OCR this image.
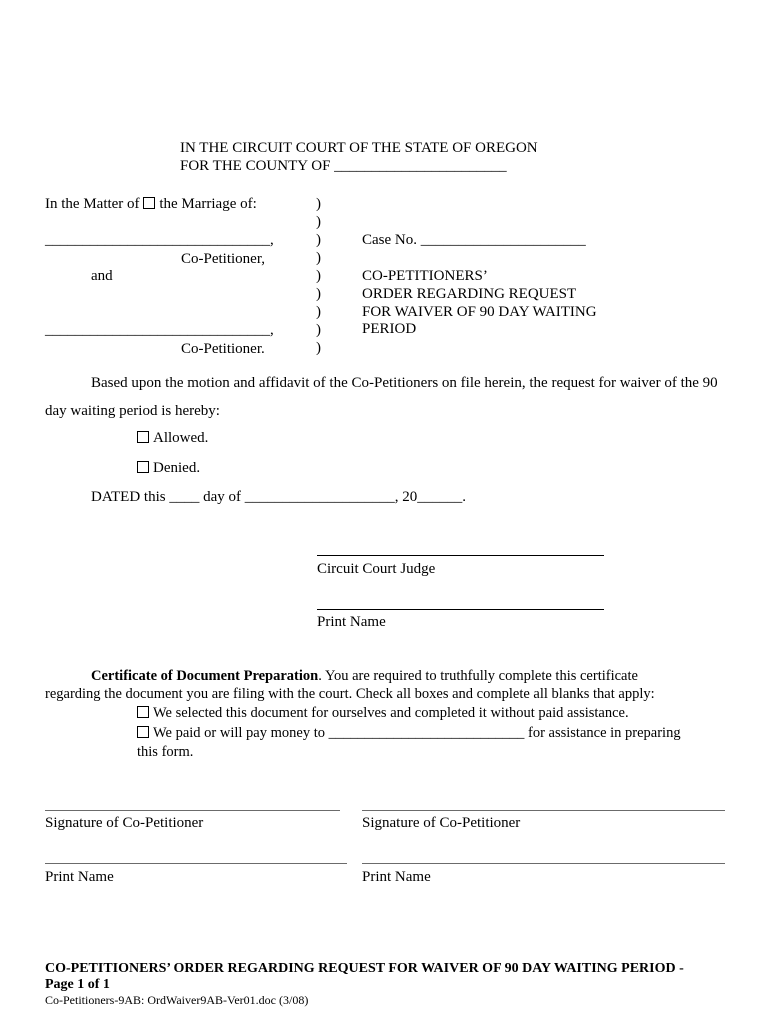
IN THE CIRCUIT COURT OF THE STATE OF OREGON
FOR THE COUNTY OF _______________________
In the Matter of the Marriage of:
______________________________,
Co-Petitioner,
and
______________________________,
Co-Petitioner.
)
)
)
)
)
)
)
)
)
Case No. ______________________
CO-PETITIONERS’
ORDER REGARDING REQUEST
FOR WAIVER OF 90 DAY WAITING
PERIOD
Based upon the motion and affidavit of the Co-Petitioners on file herein, the request for waiver of the 90
day waiting period is hereby:
Allowed.
Denied.
DATED this ____ day of ____________________, 20______.
Circuit Court Judge
Print Name
Certificate of Document Preparation. You are required to truthfully complete this certificate
regarding the document you are filing with the court. Check all boxes and complete all blanks that apply:
We selected this document for ourselves and completed it without paid assistance.
We paid or will pay money to ___________________________ for assistance in preparing
this form.
Signature of Co-Petitioner	Signature of Co-Petitioner
Print Name	Print Name
CO-PETITIONERS’ ORDER REGARDING REQUEST FOR WAIVER OF 90 DAY WAITING PERIOD -
Page 1 of 1
Co-Petitioners-9AB: OrdWaiver9AB-Ver01.doc (3/08)
